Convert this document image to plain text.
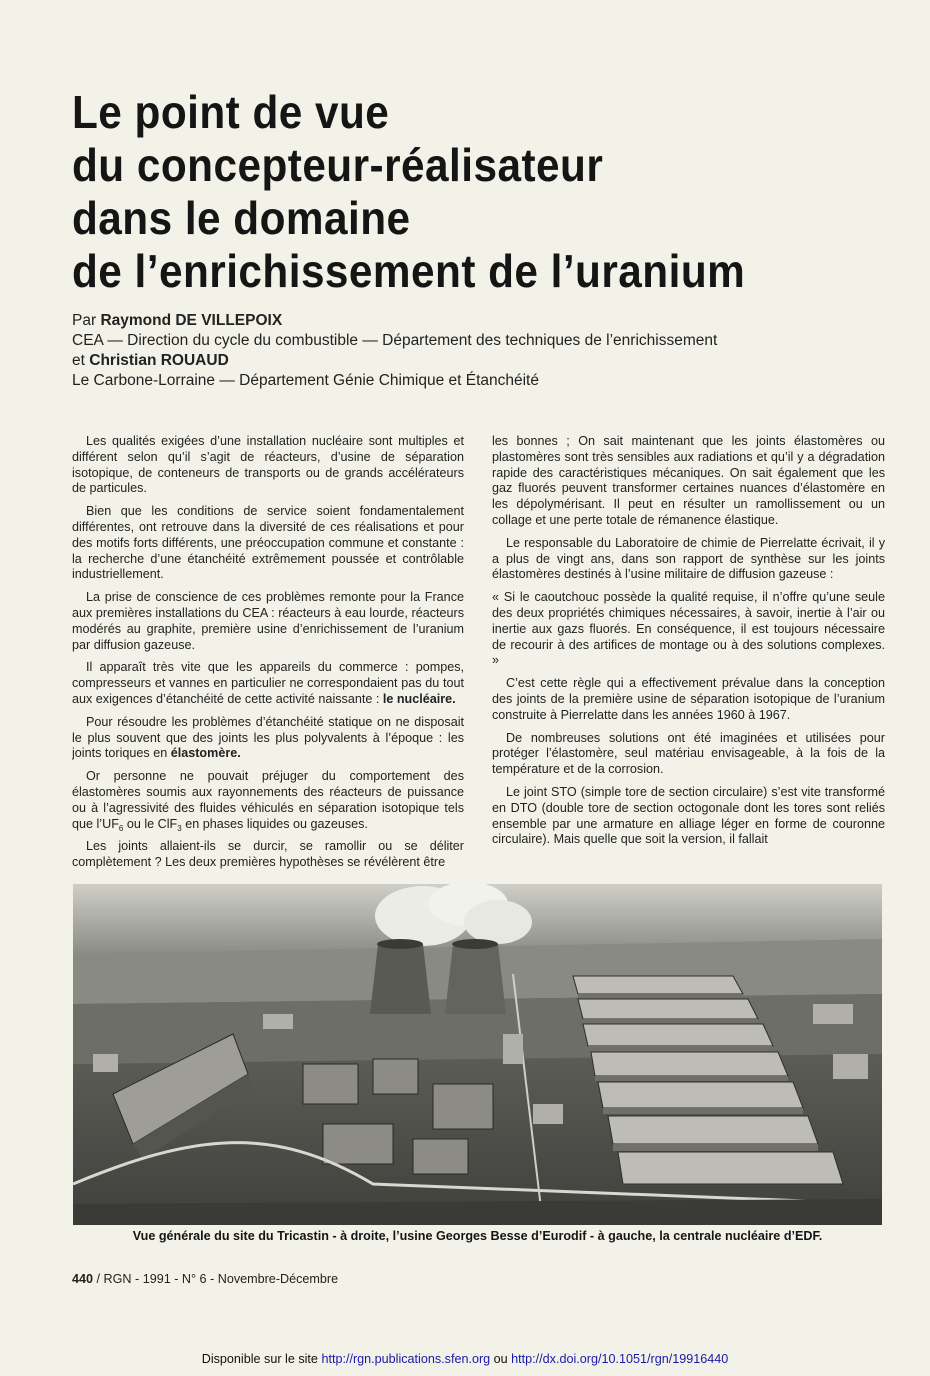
Le point de vue
du concepteur-réalisateur
dans le domaine
de l’enrichissement de l’uranium
Par Raymond DE VILLEPOIX
CEA — Direction du cycle du combustible — Département des techniques de l’enrichissement
et Christian ROUAUD
Le Carbone-Lorraine — Département Génie Chimique et Étanchéité

Les qualités exigées d’une installation nucléaire sont multiples et différent selon qu’il s’agit de réacteurs, d’usine de séparation isotopique, de conteneurs de transports ou de grands accélérateurs de particules.

Bien que les conditions de service soient fondamentalement différentes, ont retrouve dans la diversité de ces réalisations et pour des motifs forts différents, une préoccupation commune et constante : la recherche d’une étanchéité extrêmement poussée et contrôlable industriellement.

La prise de conscience de ces problèmes remonte pour la France aux premières installations du CEA : réacteurs à eau lourde, réacteurs modérés au graphite, première usine d’enrichissement de l’uranium par diffusion gazeuse.

Il apparaît très vite que les appareils du commerce : pompes, compresseurs et vannes en particulier ne correspondaient pas du tout aux exigences d’étanchéité de cette activité naissante : le nucléaire.

Pour résoudre les problèmes d’étanchéité statique on ne disposait le plus souvent que des joints les plus polyvalents à l’époque : les joints toriques en élastomère.

Or personne ne pouvait préjuger du comportement des élastomères soumis aux rayonnements des réacteurs de puissance ou à l’agressivité des fluides véhiculés en séparation isotopique tels que $l’UF_6$ ou le ClF$_3$ en phases liquides ou gazeuses.

Les joints allaient-ils se durcir, se ramollir ou se déliter complètement ? Les deux premières hypothèses se révélèrent être

les bonnes ; On sait maintenant que les joints élastomères ou plastomères sont très sensibles aux radiations et qu’il y a dégradation rapide des caractéristiques mécaniques. On sait également que les gaz fluorés peuvent transformer certaines nuances d’élastomère en les dépolymérisant. Il peut en résulter un ramollissement ou un collage et une perte totale de rémanence élastique.

Le responsable du Laboratoire de chimie de Pierrelatte écrivait, il y a plus de vingt ans, dans son rapport de synthèse sur les joints élastomères destinés à l’usine militaire de diffusion gazeuse :

« Si le caoutchouc possède la qualité requise, il n’offre qu’une seule des deux propriétés chimiques nécessaires, à savoir, inertie à l’air ou inertie aux gazs fluorés. En conséquence, il est toujours nécessaire de recourir à des artifices de montage ou à des solutions complexes. »

C’est cette règle qui a effectivement prévalue dans la conception des joints de la première usine de séparation isotopique de l’uranium construite à Pierrelatte dans les années 1960 à 1967.

De nombreuses solutions ont été imaginées et utilisées pour protéger l’élastomère, seul matériau envisageable, à la fois de la température et de la corrosion.

Le joint STO (simple tore de section circulaire) s’est vite transformé en DTO (double tore de section octogonale dont les tores sont reliés ensemble par une armature en alliage léger en forme de couronne circulaire). Mais quelle que soit la version, il fallait

Vue générale du site du Tricastin - à droite, l’usine Georges Besse d’Eurodif - à gauche, la centrale nucléaire d’EDF.
440 / RGN - 1991 - N° 6 - Novembre-Décembre
Disponible sur le site http://rgn.publications.sfen.org ou http://dx.doi.org/10.1051/rgn/19916440
